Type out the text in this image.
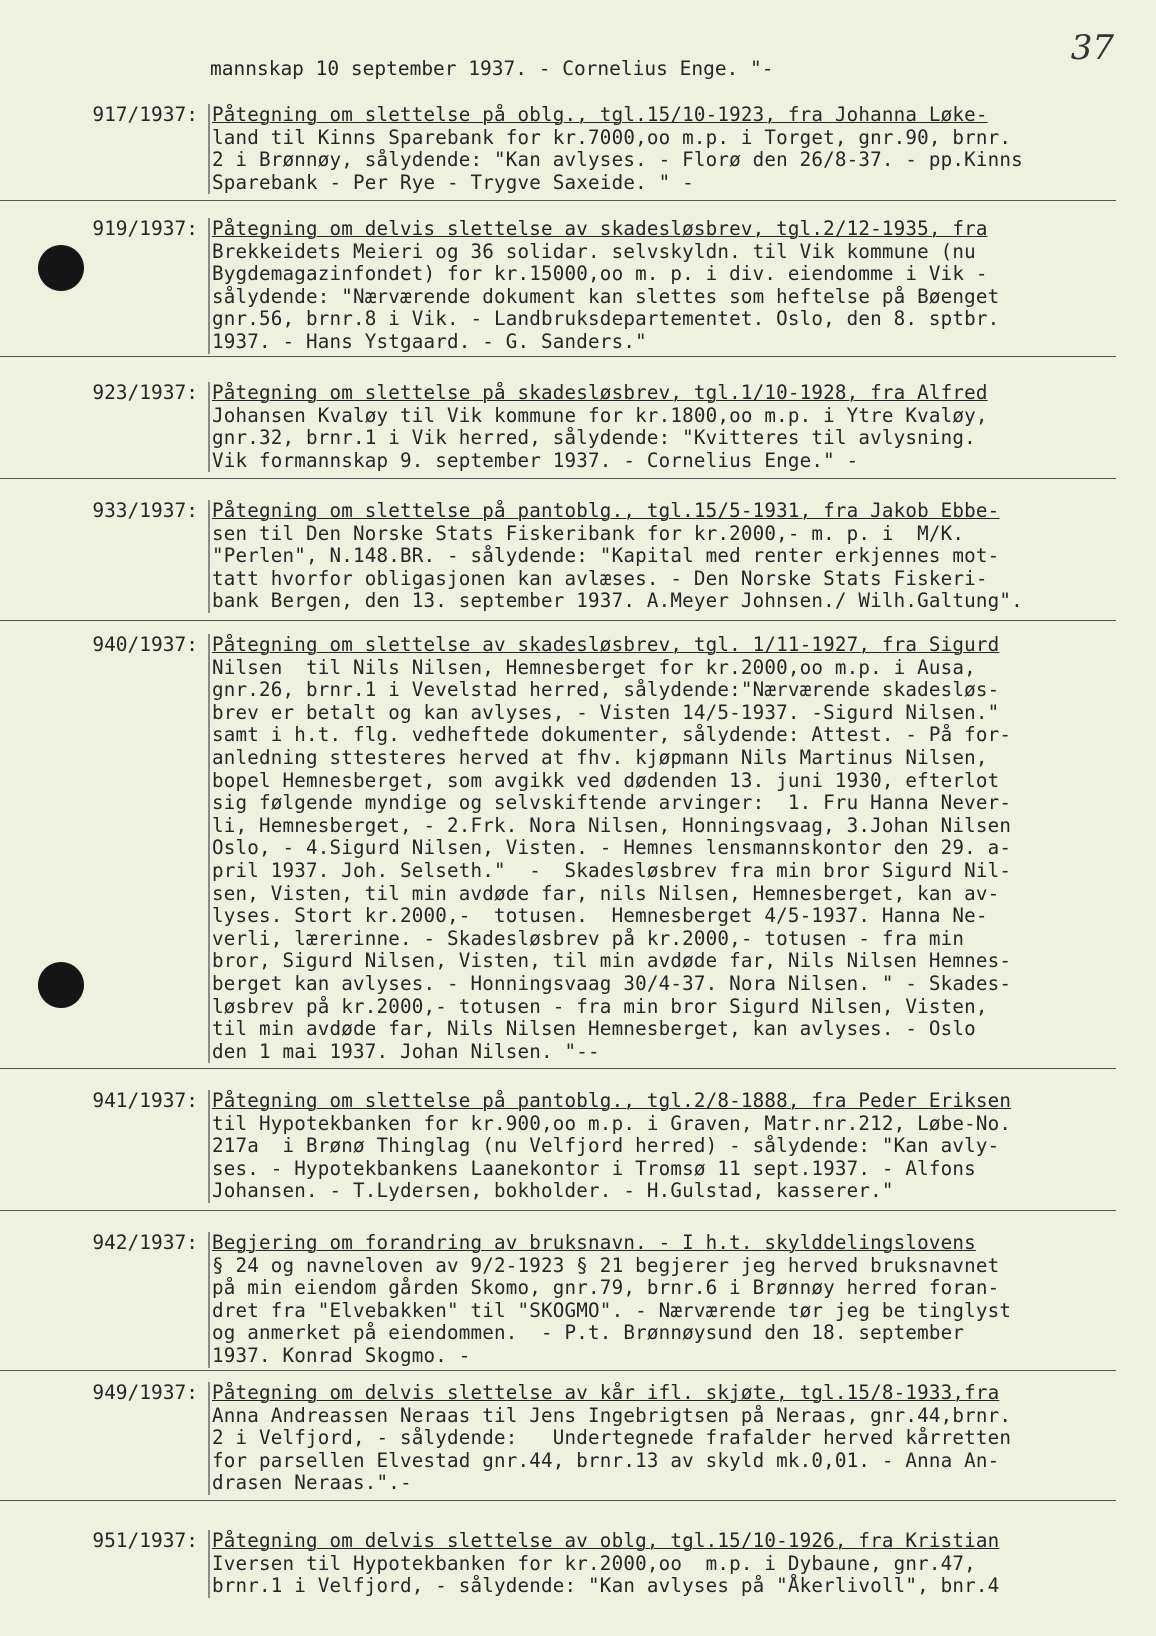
37
mannskap 10 september 1937. - Cornelius Enge. "-
917/1937: Påtegning om slettelse på oblg., tgl.15/10-1923, fra Johanna Løke-
land til Kinns Sparebank for kr.7000,oo m.p. i Torget, gnr.90, brnr.
2 i Brønnøy, sålydende: "Kan avlyses. - Florø den 26/8-37. - pp.Kinns
Sparebank - Per Rye - Trygve Saxeide. " -
919/1937: Påtegning om delvis slettelse av skadesløsbrev, tgl.2/12-1935, fra
Brekkeidets Meieri og 36 solidar. selvskyldn. til Vik kommune (nu
Bygdemagazinfondet) for kr.15000,oo m. p. i div. eiendomme i Vik -
sålydende: "Nærværende dokument kan slettes som heftelse på Bøenget
gnr.56, brnr.8 i Vik. - Landbruksdepartementet. Oslo, den 8. sptbr.
1937. - Hans Ystgaard. - G. Sanders."
923/1937: Påtegning om slettelse på skadesløsbrev, tgl.1/10-1928, fra Alfred
Johansen Kvaløy til Vik kommune for kr.1800,oo m.p. i Ytre Kvaløy,
gnr.32, brnr.1 i Vik herred, sålydende: "Kvitteres til avlysning.
Vik formannskap 9. september 1937. - Cornelius Enge." -
933/1937: Påtegning om slettelse på pantoblg., tgl.15/5-1931, fra Jakob Ebbe-
sen til Den Norske Stats Fiskeribank for kr.2000,- m. p. i  M/K.
"Perlen", N.148.BR. - sålydende: "Kapital med renter erkjennes mot-
tatt hvorfor obligasjonen kan avlæses. - Den Norske Stats Fiskeri-
bank Bergen, den 13. september 1937. A.Meyer Johnsen./ Wilh.Galtung".
940/1937: Påtegning om slettelse av skadesløsbrev, tgl. 1/11-1927, fra Sigurd
Nilsen  til Nils Nilsen, Hemnesberget for kr.2000,oo m.p. i Ausa,
gnr.26, brnr.1 i Vevelstad herred, sålydende:"Nærværende skadesløs-
brev er betalt og kan avlyses, - Visten 14/5-1937. -Sigurd Nilsen."
samt i h.t. flg. vedheftede dokumenter, sålydende: Attest. - På for-
anledning sttesteres herved at fhv. kjøpmann Nils Martinus Nilsen,
bopel Hemnesberget, som avgikk ved dødenden 13. juni 1930, efterlot
sig følgende myndige og selvskiftende arvinger:  1. Fru Hanna Never-
li, Hemnesberget, - 2.Frk. Nora Nilsen, Honningsvaag, 3.Johan Nilsen
Oslo, - 4.Sigurd Nilsen, Visten. - Hemnes lensmannskontor den 29. a-
pril 1937. Joh. Selseth."  -  Skadesløsbrev fra min bror Sigurd Nil-
sen, Visten, til min avdøde far, nils Nilsen, Hemnesberget, kan av-
lyses. Stort kr.2000,-  totusen.  Hemnesberget 4/5-1937. Hanna Ne-
verli, lærerinne. - Skadesløsbrev på kr.2000,- totusen - fra min
bror, Sigurd Nilsen, Visten, til min avdøde far, Nils Nilsen Hemnes-
berget kan avlyses. - Honningsvaag 30/4-37. Nora Nilsen. " - Skades-
løsbrev på kr.2000,- totusen - fra min bror Sigurd Nilsen, Visten,
til min avdøde far, Nils Nilsen Hemnesberget, kan avlyses. - Oslo
den 1 mai 1937. Johan Nilsen. "--
941/1937: Påtegning om slettelse på pantoblg., tgl.2/8-1888, fra Peder Eriksen
til Hypotekbanken for kr.900,oo m.p. i Graven, Matr.nr.212, Løbe-No.
217a  i Brønø Thinglag (nu Velfjord herred) - sålydende: "Kan avly-
ses. - Hypotekbankens Laanekontor i Tromsø 11 sept.1937. - Alfons
Johansen. - T.Lydersen, bokholder. - H.Gulstad, kasserer."
942/1937: Begjering om forandring av bruksnavn. - I h.t. skylddelingslovens
§ 24 og navneloven av 9/2-1923 § 21 begjerer jeg herved bruksnavnet
på min eiendom gården Skomo, gnr.79, brnr.6 i Brønnøy herred foran-
dret fra "Elvebakken" til "SKOGMO". - Nærværende tør jeg be tinglyst
og anmerket på eiendommen.  - P.t. Brønnøysund den 18. september
1937. Konrad Skogmo. -
949/1937: Påtegning om delvis slettelse av kår ifl. skjøte, tgl.15/8-1933,fra
Anna Andreassen Neraas til Jens Ingebrigtsen på Neraas, gnr.44,brnr.
2 i Velfjord, - sålydende:   Undertegnede frafalder herved kårretten
for parsellen Elvestad gnr.44, brnr.13 av skyld mk.0,01. - Anna An-
drasen Neraas.".-
951/1937: Påtegning om delvis slettelse av oblg, tgl.15/10-1926, fra Kristian
Iversen til Hypotekbanken for kr.2000,oo  m.p. i Dybaune, gnr.47,
brnr.1 i Velfjord, - sålydende: "Kan avlyses på "Åkerlivoll", bnr.4
